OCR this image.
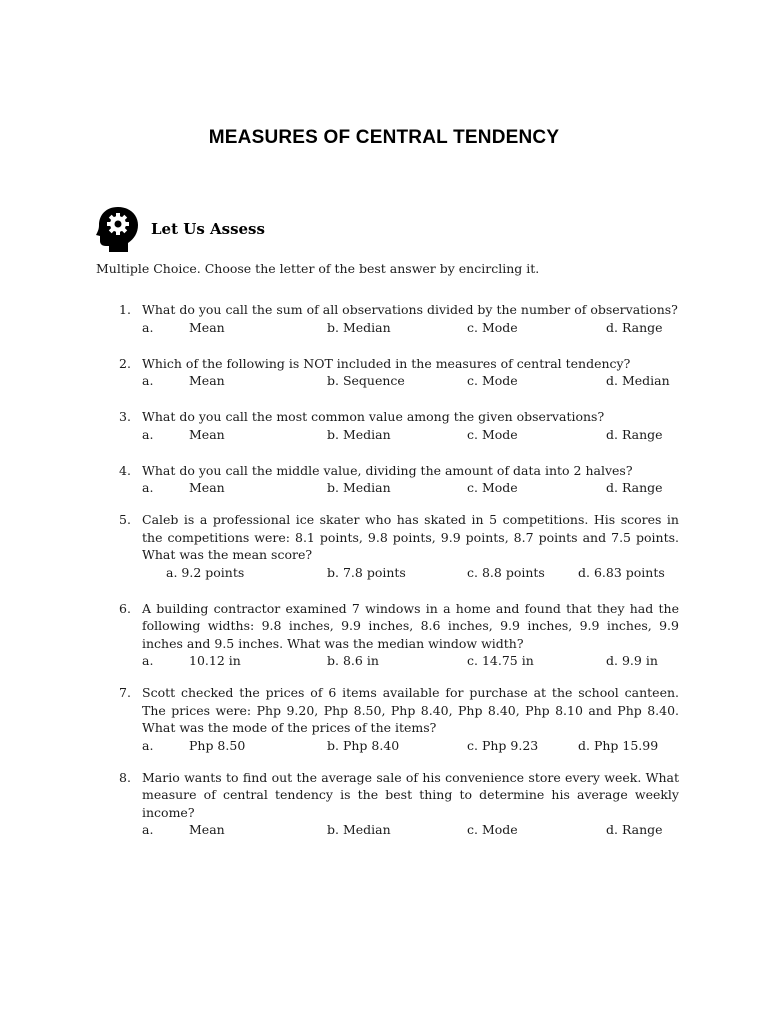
MEASURES OF CENTRAL TENDENCY
Let Us Assess
Multiple Choice. Choose the letter of the best answer by encircling it.
1. What do you call the sum of all observations divided by the number of observations?
a.	Mean	b. Median	c. Mode	d. Range
2. Which of the following is NOT included in the measures of central tendency?
a.	Mean	b. Sequence	c. Mode	d. Median
3. What do you call the most common value among the given observations?
a.	Mean	b. Median	c. Mode	d. Range
4. What do you call the middle value, dividing the amount of data into 2 halves?
a.	Mean	b. Median	c. Mode	d. Range
5. Caleb is a professional ice skater who has skated in 5 competitions. His scores in the competitions were: 8.1 points, 9.8 points, 9.9 points, 8.7 points and 7.5 points. What was the mean score?
a. 9.2 points	b. 7.8 points	c. 8.8 points	d. 6.83 points
6. A building contractor examined 7 windows in a home and found that they had the following widths: 9.8 inches, 9.9 inches, 8.6 inches, 9.9 inches, 9.9 inches, 9.9 inches and 9.5 inches. What was the median window width?
a.	10.12 in	b. 8.6 in	c. 14.75 in	d. 9.9 in
7. Scott checked the prices of 6 items available for purchase at the school canteen. The prices were: Php 9.20, Php 8.50, Php 8.40, Php 8.40, Php 8.10 and Php 8.40. What was the mode of the prices of the items?
a.	Php 8.50	b. Php 8.40	c. Php 9.23	d. Php 15.99
8. Mario wants to find out the average sale of his convenience store every week. What measure of central tendency is the best thing to determine his average weekly income?
a.	Mean	b. Median	c. Mode	d. Range
